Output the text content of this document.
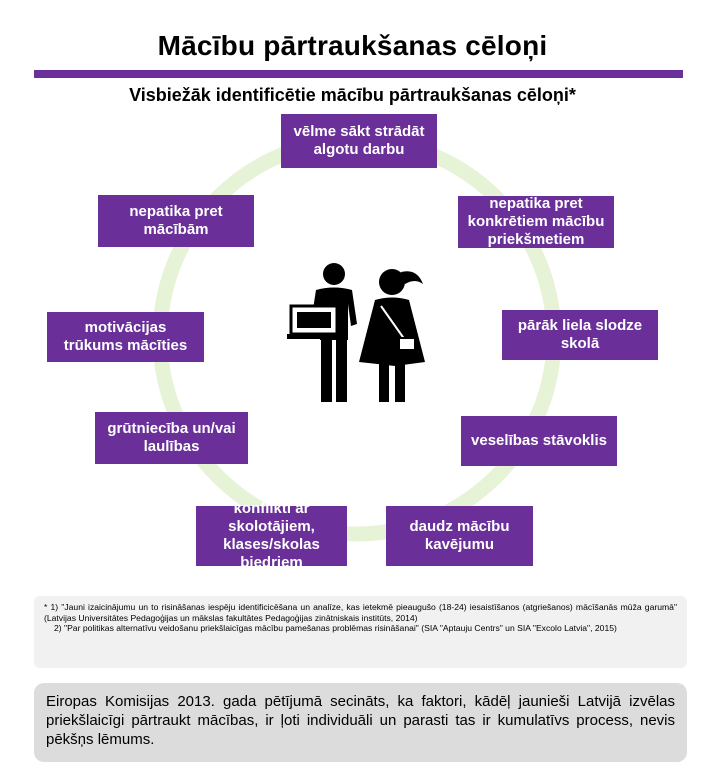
Mācību pārtraukšanas cēloņi
Visbiežāk identificētie mācību pārtraukšanas cēloņi*
vēlme sākt strādāt algotu darbu
nepatika pret konkrētiem mācību priekšmetiem
pārāk liela slodze skolā
veselības stāvoklis
daudz mācību kavējumu
konflikti ar skolotājiem, klases/skolas biedriem
grūtniecība un/vai laulības
motivācijas trūkums mācīties
nepatika pret mācībām

* 1) "Jauni izaicinājumu un to risināšanas iespēju identificicēšana un analīze, kas ietekmē pieaugušo (18-24) iesaistīšanos (atgriešanos) mācīšanās mūža garumā" (Latvijas Universitātes Pedagoģijas un mākslas fakultātes Pedagoģijas zinātniskais institūts, 2014)

2) "Par politikas alternatīvu veidošanu priekšlaicīgas mācību pamešanas problēmas risināšanai" (SIA "Aptauju Centrs" un SIA "Excolo Latvia", 2015)

Eiropas Komisijas 2013. gada pētījumā secināts, ka faktori, kādēļ jaunieši Latvijā izvēlas priekšlaicīgi pārtraukt mācības, ir ļoti individuāli un parasti tas ir kumulatīvs process, nevis pēkšņs lēmums.
